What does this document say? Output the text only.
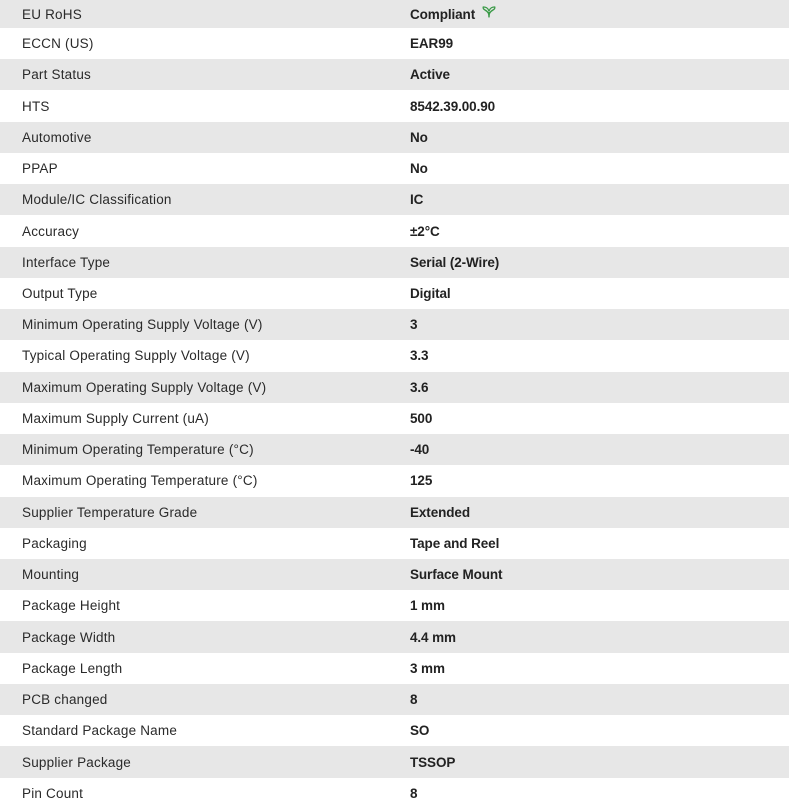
EU RoHS	Compliant
ECCN (US)	EAR99
Part Status	Active
HTS	8542.39.00.90
Automotive	No
PPAP	No
Module/IC Classification	IC
Accuracy	±2°C
Interface Type	Serial (2-Wire)
Output Type	Digital
Minimum Operating Supply Voltage (V)	3
Typical Operating Supply Voltage (V)	3.3
Maximum Operating Supply Voltage (V)	3.6
Maximum Supply Current (uA)	500
Minimum Operating Temperature (°C)	-40
Maximum Operating Temperature (°C)	125
Supplier Temperature Grade	Extended
Packaging	Tape and Reel
Mounting	Surface Mount
Package Height	1 mm
Package Width	4.4 mm
Package Length	3 mm
PCB changed	8
Standard Package Name	SO
Supplier Package	TSSOP
Pin Count	8
